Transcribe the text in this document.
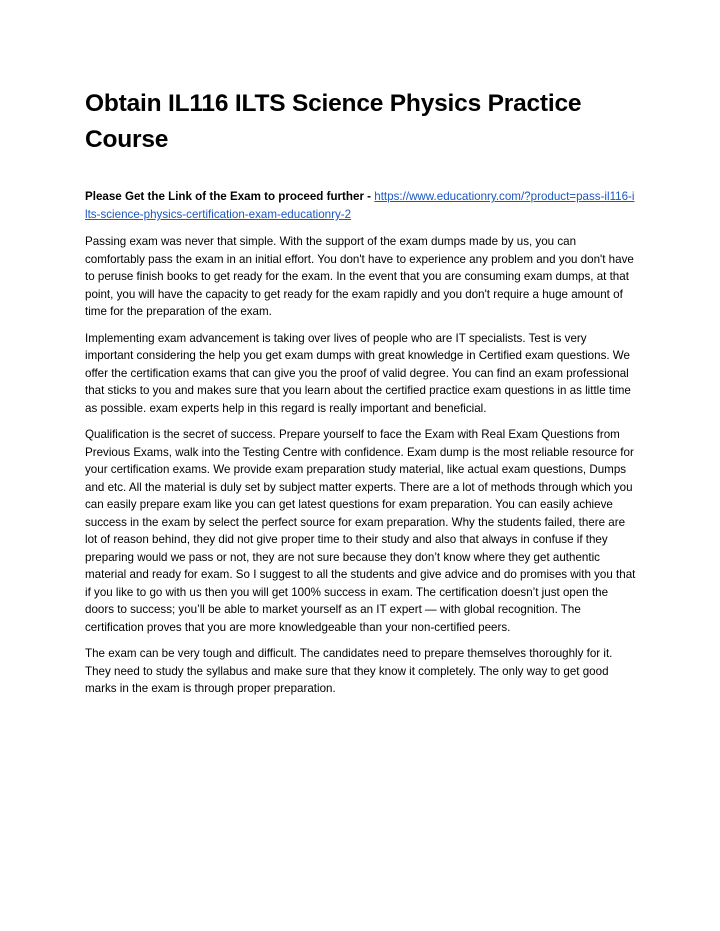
Obtain IL116 ILTS Science Physics Practice Course

Please Get the Link of the Exam to proceed further - https://www.educationry.com/?product=pass-il116-ilts-science-physics-certification-exam-educationry-2

Passing exam was never that simple. With the support of the exam dumps made by us, you can comfortably pass the exam in an initial effort. You don't have to experience any problem and you don't have to peruse finish books to get ready for the exam. In the event that you are consuming exam dumps, at that point, you will have the capacity to get ready for the exam rapidly and you don't require a huge amount of time for the preparation of the exam.

Implementing exam advancement is taking over lives of people who are IT specialists. Test is very important considering the help you get exam dumps with great knowledge in Certified exam questions. We offer the certification exams that can give you the proof of valid degree. You can find an exam professional that sticks to you and makes sure that you learn about the certified practice exam questions in as little time as possible. exam experts help in this regard is really important and beneficial.

Qualification is the secret of success. Prepare yourself to face the Exam with Real Exam Questions from Previous Exams, walk into the Testing Centre with confidence. Exam dump is the most reliable resource for your certification exams. We provide exam preparation study material, like actual exam questions, Dumps and etc. All the material is duly set by subject matter experts. There are a lot of methods through which you can easily prepare exam like you can get latest questions for exam preparation. You can easily achieve success in the exam by select the perfect source for exam preparation. Why the students failed, there are lot of reason behind, they did not give proper time to their study and also that always in confuse if they preparing would we pass or not, they are not sure because they don’t know where they get authentic material and ready for exam. So I suggest to all the students and give advice and do promises with you that if you like to go with us then you will get 100% success in exam. The certification doesn’t just open the doors to success; you’ll be able to market yourself as an IT expert — with global recognition. The certification proves that you are more knowledgeable than your non-certified peers.

The exam can be very tough and difficult. The candidates need to prepare themselves thoroughly for it. They need to study the syllabus and make sure that they know it completely. The only way to get good marks in the exam is through proper preparation.
